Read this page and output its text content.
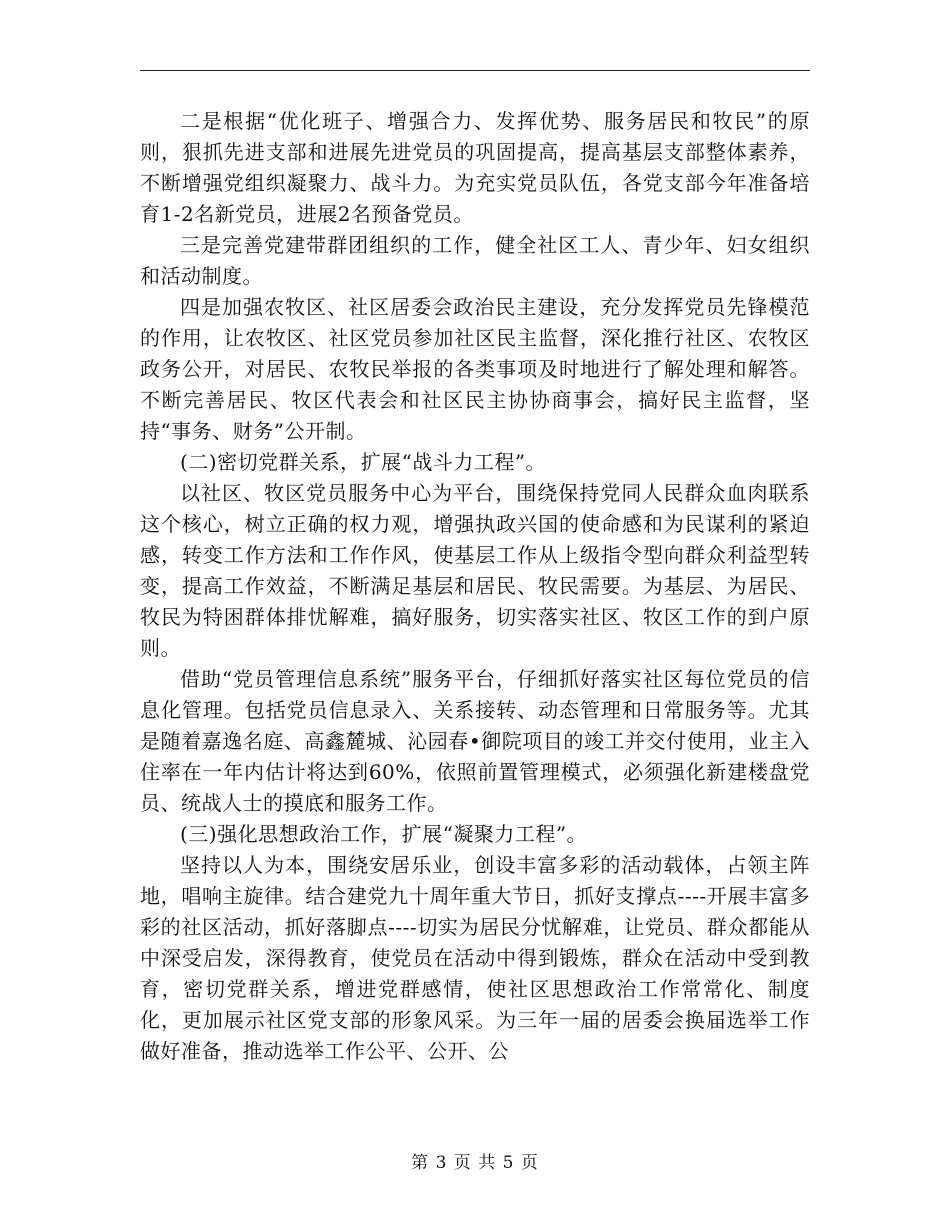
二是根据“优化班子、增强合力、发挥优势、服务居民和牧民”的原则，狠抓先进支部和进展先进党员的巩固提高，提高基层支部整体素养，不断增强党组织凝聚力、战斗力。为充实党员队伍，各党支部今年准备培育1-2名新党员，进展2名预备党员。

三是完善党建带群团组织的工作，健全社区工人、青少年、妇女组织和活动制度。

四是加强农牧区、社区居委会政治民主建设，充分发挥党员先锋模范的作用，让农牧区、社区党员参加社区民主监督，深化推行社区、农牧区政务公开，对居民、农牧民举报的各类事项及时地进行了解处理和解答。不断完善居民、牧区代表会和社区民主协协商事会，搞好民主监督，坚持“事务、财务”公开制。

(二)密切党群关系，扩展“战斗力工程”。

以社区、牧区党员服务中心为平台，围绕保持党同人民群众血肉联系这个核心，树立正确的权力观，增强执政兴国的使命感和为民谋利的紧迫感，转变工作方法和工作作风，使基层工作从上级指令型向群众利益型转变，提高工作效益，不断满足基层和居民、牧民需要。为基层、为居民、牧民为特困群体排忧解难，搞好服务，切实落实社区、牧区工作的到户原则。

借助“党员管理信息系统”服务平台，仔细抓好落实社区每位党员的信息化管理。包括党员信息录入、关系接转、动态管理和日常服务等。尤其是随着嘉逸名庭、高鑫麓城、沁园春•御院项目的竣工并交付使用，业主入住率在一年内估计将达到60%，依照前置管理模式，必须强化新建楼盘党员、统战人士的摸底和服务工作。

(三)强化思想政治工作，扩展“凝聚力工程”。

坚持以人为本，围绕安居乐业，创设丰富多彩的活动载体，占领主阵地，唱响主旋律。结合建党九十周年重大节日，抓好支撑点----开展丰富多彩的社区活动，抓好落脚点----切实为居民分忧解难，让党员、群众都能从中深受启发，深得教育，使党员在活动中得到锻炼，群众在活动中受到教育，密切党群关系，增进党群感情，使社区思想政治工作常常化、制度化，更加展示社区党支部的形象风采。为三年一届的居委会换届选举工作做好准备，推动选举工作公平、公开、公

第 3 页 共 5 页
